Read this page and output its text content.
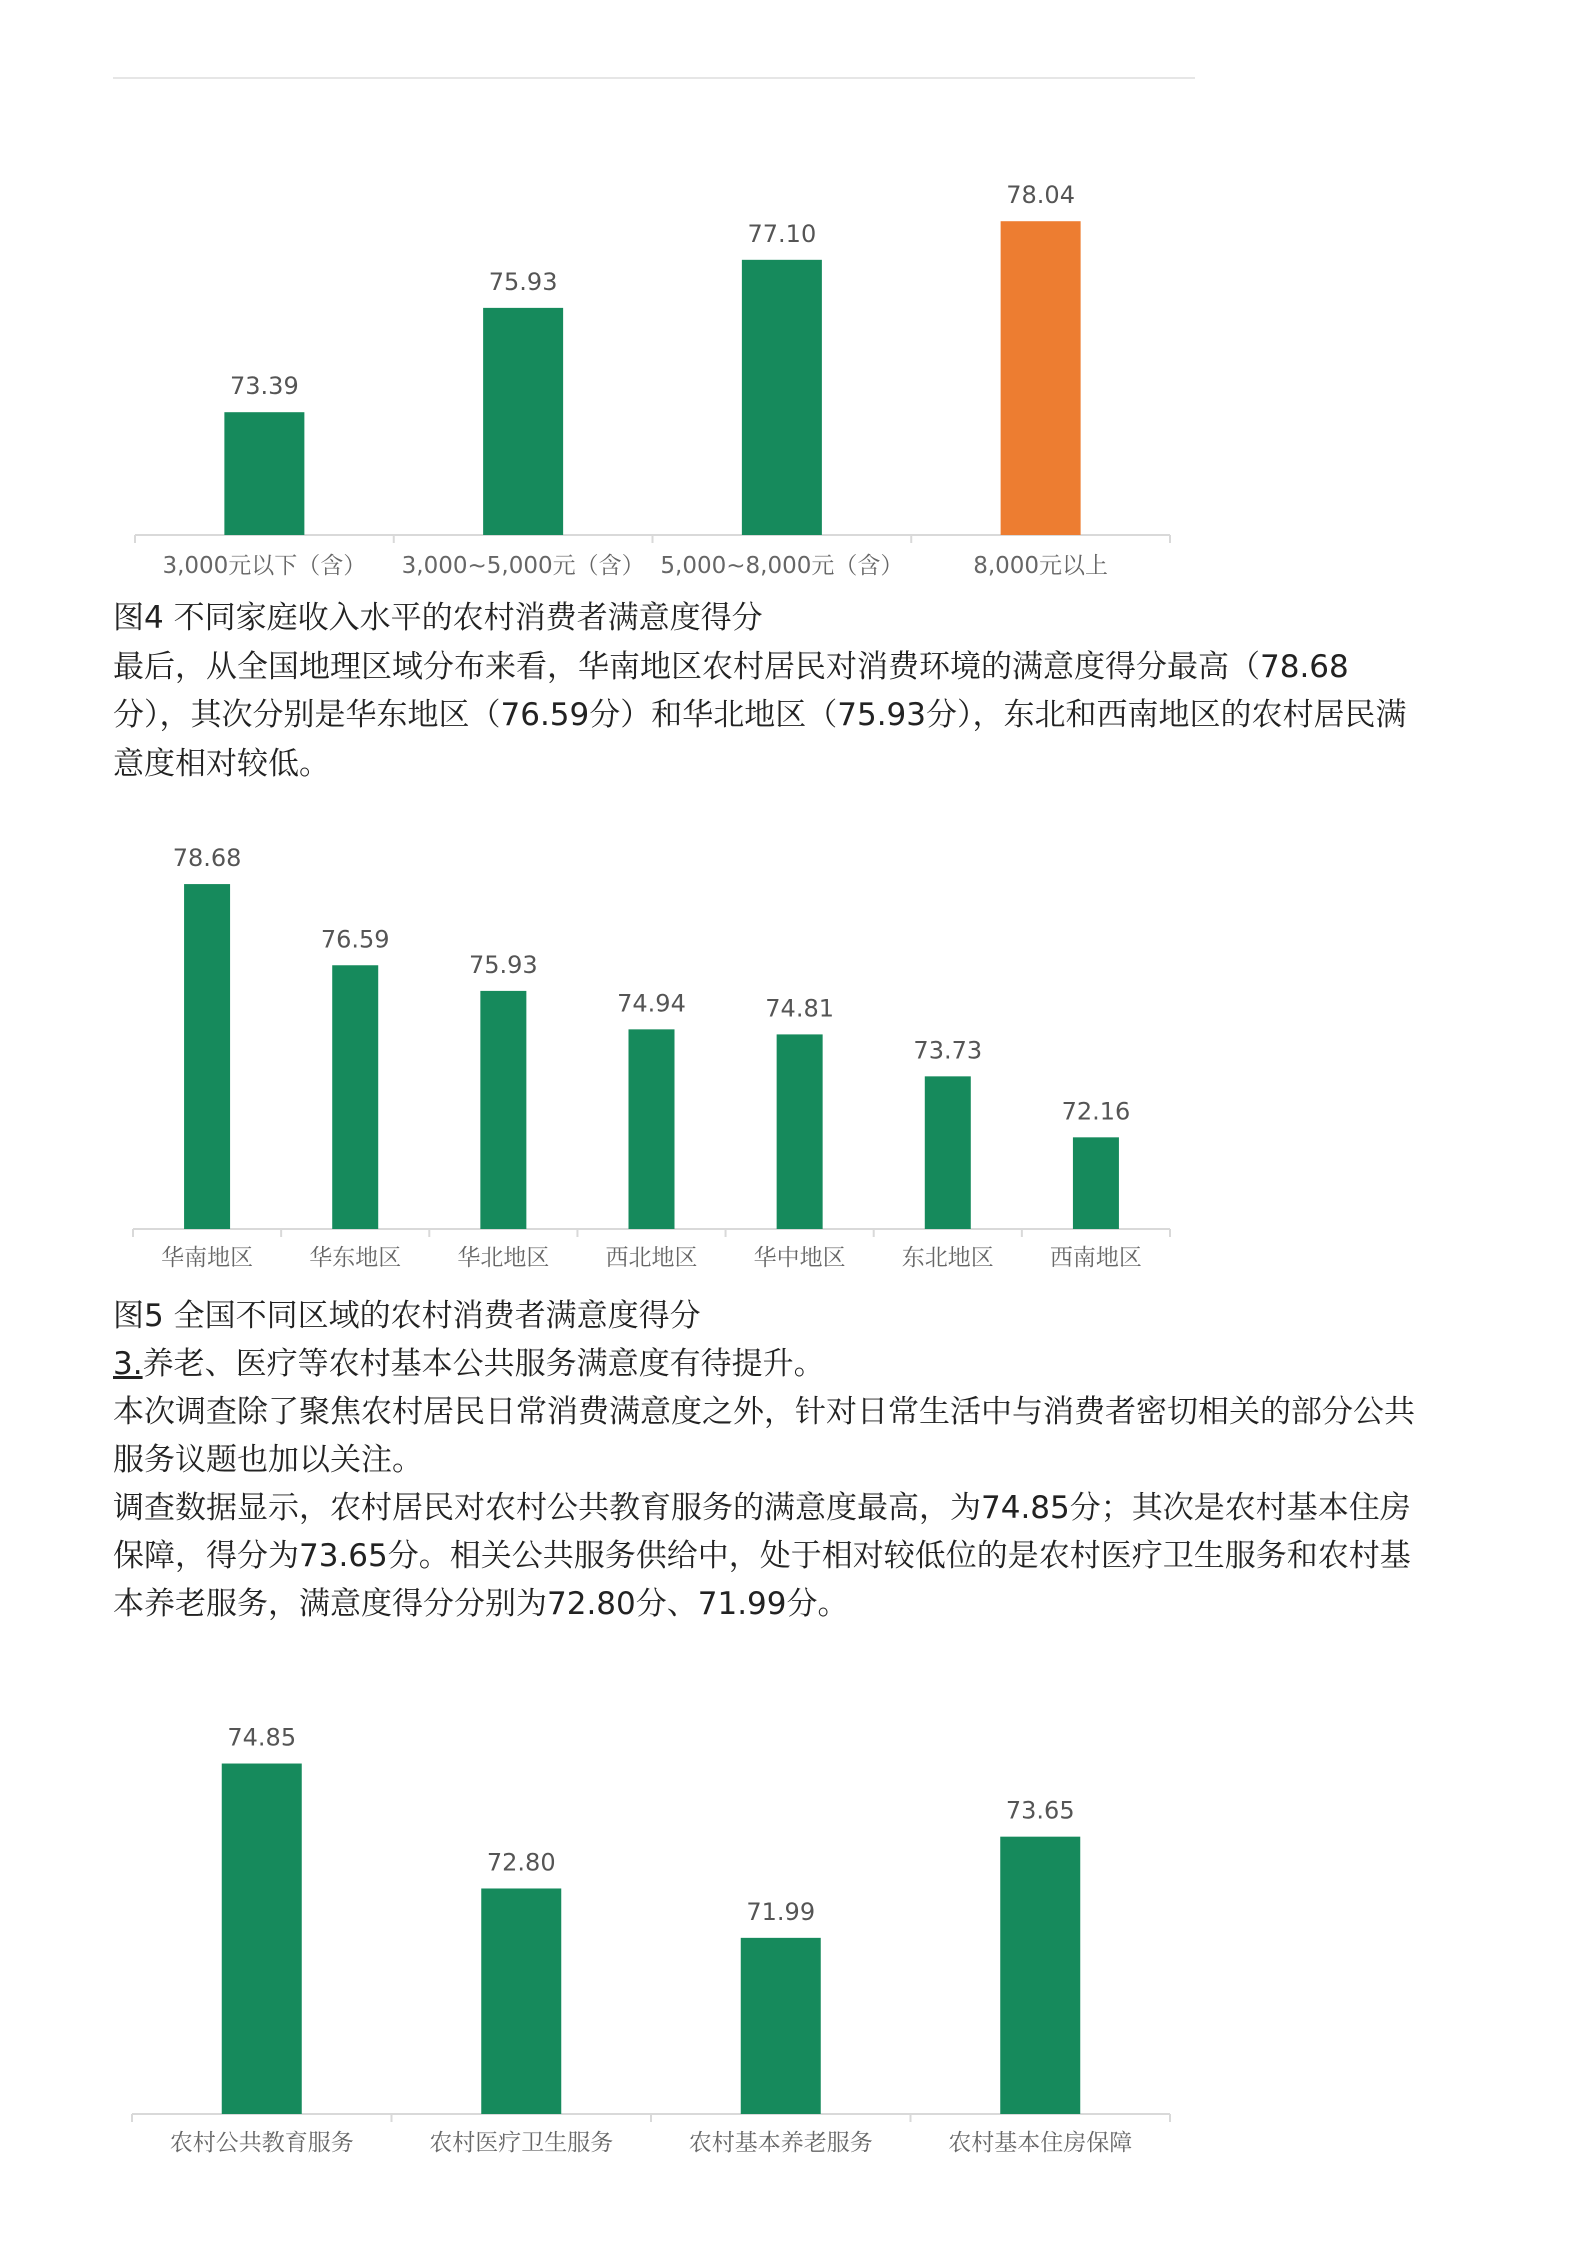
73.39
3,000元以下（含）
75.93
3,000~5,000元（含）
77.10
5,000~8,000元（含）
78.04
8,000元以上
图4 不同家庭收入水平的农村消费者满意度得分
最后，从全国地理区域分布来看，华南地区农村居民对消费环境的满意度得分最高（78.68
分），其次分别是华东地区（76.59分）和华北地区（75.93分），东北和西南地区的农村居民满
意度相对较低。
78.68
华南地区
76.59
华东地区
75.93
华北地区
74.94
西北地区
74.81
华中地区
73.73
东北地区
72.16
西南地区
图5 全国不同区域的农村消费者满意度得分
3.养老、医疗等农村基本公共服务满意度有待提升。
本次调查除了聚焦农村居民日常消费满意度之外，针对日常生活中与消费者密切相关的部分公共
服务议题也加以关注。
调查数据显示，农村居民对农村公共教育服务的满意度最高，为74.85分；其次是农村基本住房
保障，得分为73.65分。相关公共服务供给中，处于相对较低位的是农村医疗卫生服务和农村基
本养老服务，满意度得分分别为72.80分、71.99分。
74.85
农村公共教育服务
72.80
农村医疗卫生服务
71.99
农村基本养老服务
73.65
农村基本住房保障
